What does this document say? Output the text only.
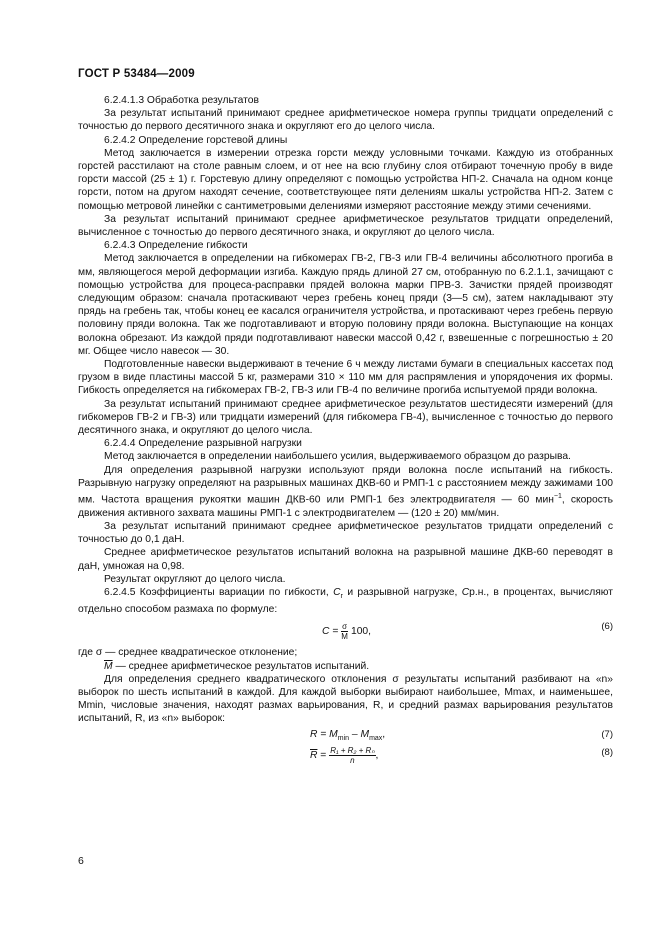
ГОСТ Р 53484—2009

6.2.4.1.3 Обработка результатов

За результат испытаний принимают среднее арифметическое номера группы тридцати определений с точностью до первого десятичного знака и округляют его до целого числа.

6.2.4.2 Определение горстевой длины

Метод заключается в измерении отрезка горсти между условными точками. Каждую из отобранных горстей расстилают на столе равным слоем, и от нее на всю глубину слоя отбирают точечную пробу в виде горсти массой (25 ± 1) г. Горстевую длину определяют с помощью устройства НП-2. Сначала на одном конце горсти, потом на другом находят сечение, соответствующее пяти делениям шкалы устройства НП-2. Затем с помощью метровой линейки с сантиметровыми делениями измеряют расстояние между этими сечениями.

За результат испытаний принимают среднее арифметическое результатов тридцати определений, вычисленное с точностью до первого десятичного знака, и округляют до целого числа.

6.2.4.3 Определение гибкости

Метод заключается в определении на гибкомерах ГВ-2, ГВ-3 или ГВ-4 величины абсолютного прогиба в мм, являющегося мерой деформации изгиба. Каждую прядь длиной 27 см, отобранную по 6.2.1.1, зачищают с помощью устройства для процеса-расправки прядей волокна марки ПРВ-3. Зачистки прядей производят следующим образом: сначала протаскивают через гребень конец пряди (3—5 см), затем накладывают эту прядь на гребень так, чтобы конец ее касался ограничителя устройства, и протаскивают через гребень первую половину пряди волокна. Так же подготавливают и вторую половину пряди волокна. Выступающие на концах волокна обрезают. Из каждой пряди подготавливают навески массой 0,42 г, взвешенные с погрешностью ± 20 мг. Общее число навесок — 30.

Подготовленные навески выдерживают в течение 6 ч между листами бумаги в специальных кассетах под грузом в виде пластины массой 5 кг, размерами 310 × 110 мм для распрямления и упорядочения их формы. Гибкость определяется на гибкомерах ГВ-2, ГВ-3 или ГВ-4 по величине прогиба испытуемой пряди волокна.

За результат испытаний принимают среднее арифметическое результатов шестидесяти измерений (для гибкомеров ГВ-2 и ГВ-3) или тридцати измерений (для гибкомера ГВ-4), вычисленное с точностью до первого десятичного знака, и округляют до целого числа.

6.2.4.4 Определение разрывной нагрузки

Метод заключается в определении наибольшего усилия, выдерживаемого образцом до разрыва.

Для определения разрывной нагрузки используют пряди волокна после испытаний на гибкость. Разрывную нагрузку определяют на разрывных машинах ДКВ-60 и РМП-1 с расстоянием между зажимами 100 мм. Частота вращения рукоятки машин ДКВ-60 или РМП-1 без электродвигателя — 60 мин$^{-1}$, скорость движения активного захвата машины РМП-1 с электродвигателем — (120 ± 20) мм/мин.

За результат испытаний принимают среднее арифметическое результатов тридцати определений с точностью до 0,1 даН.

Среднее арифметическое результатов испытаний волокна на разрывной машине ДКВ-60 переводят в даН, умножая на 0,98.

Результат округляют до целого числа.

6.2.4.5 Коэффициенты вариации по гибкости, $C_г$ и разрывной нагрузке, Cр.н., в процентах, вычисляют отдельно способом размаха по формуле:

$C = \frac{\sigma}{M} 100$,	(6)

где σ — среднее квадратическое отклонение;

$\overline{M}$ — среднее арифметическое результатов испытаний.

Для определения среднего квадратического отклонения σ результаты испытаний разбивают на «n» выборок по шесть испытаний в каждой. Для каждой выборки выбирают наибольшее, Mmax, и наименьшее, Mmin, числовые значения, находят размах варьирования, R, и средний размах варьирования результатов испытаний, R, из «n» выборок:

$R = M_{min} - M_{max}$,	(7)
$\overline{R} = \frac{\text{R₁ + R₂ + Rₙ}}{n}$ ,	(8)
6
